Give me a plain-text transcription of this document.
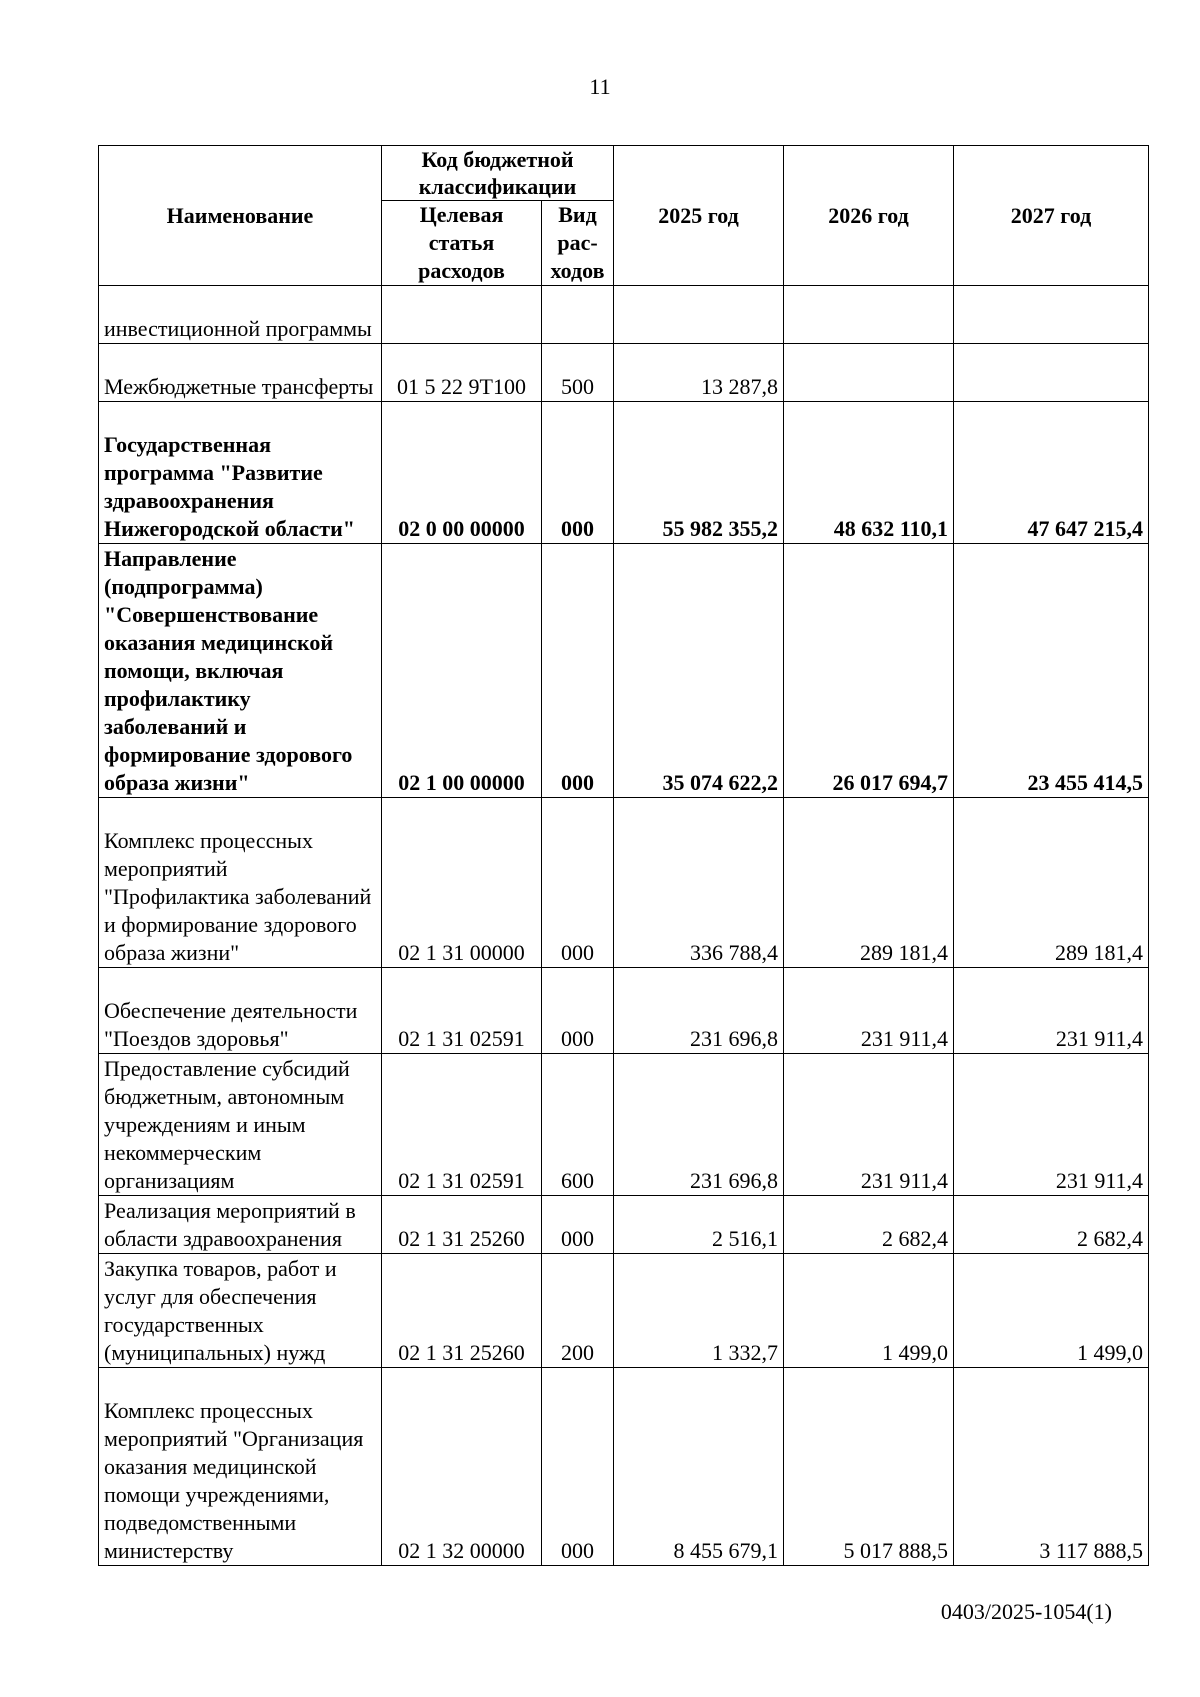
11
Наименование	Код бюджетной классификации		2025 год	2026 год	2027 год
	Целевая статья расходов	Вид рас-ходов			
инвестиционной программы					
Межбюджетные трансферты	01 5 22 9Т100	500	13 287,8		
Государственная программа "Развитие здравоохранения Нижегородской области"	02 0 00 00000	000	55 982 355,2	48 632 110,1	47 647 215,4
Направление (подпрограмма) "Совершенствование оказания медицинской помощи, включая профилактику заболеваний и формирование здорового образа жизни"	02 1 00 00000	000	35 074 622,2	26 017 694,7	23 455 414,5
Комплекс процессных мероприятий "Профилактика заболеваний и формирование здорового образа жизни"	02 1 31 00000	000	336 788,4	289 181,4	289 181,4
Обеспечение деятельности "Поездов здоровья"	02 1 31 02591	000	231 696,8	231 911,4	231 911,4
Предоставление субсидий бюджетным, автономным учреждениям и иным некоммерческим организациям	02 1 31 02591	600	231 696,8	231 911,4	231 911,4
Реализация мероприятий в области здравоохранения	02 1 31 25260	000	2 516,1	2 682,4	2 682,4
Закупка товаров, работ и услуг для обеспечения государственных (муниципальных) нужд	02 1 31 25260	200	1 332,7	1 499,0	1 499,0
Комплекс процессных мероприятий "Организация оказания медицинской помощи учреждениями, подведомственными министерству	02 1 32 00000	000	8 455 679,1	5 017 888,5	3 117 888,5
0403/2025-1054(1)
